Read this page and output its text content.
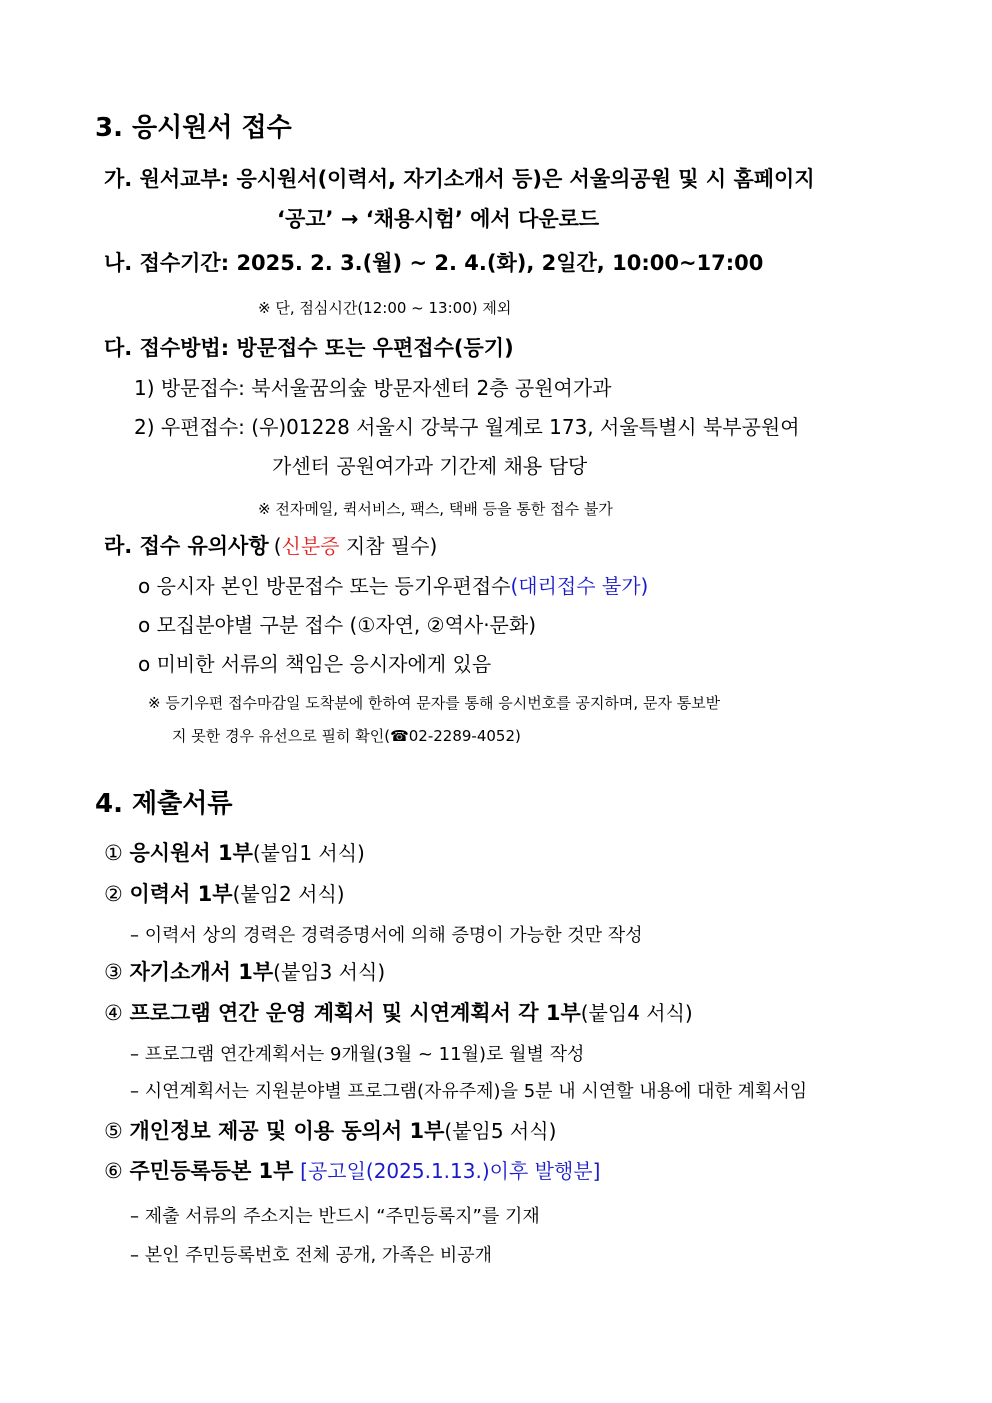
3. 응시원서 접수
가. 원서교부: 응시원서(이력서, 자기소개서 등)은 서울의공원 및 시 홈페이지
‘공고’ → ‘채용시험’ 에서 다운로드
나. 접수기간: 2025. 2. 3.(월) ~ 2. 4.(화), 2일간, 10:00~17:00
※ 단, 점심시간(12:00 ~ 13:00) 제외
다. 접수방법: 방문접수 또는 우편접수(등기)
1) 방문접수: 북서울꿈의숲 방문자센터 2층 공원여가과
2) 우편접수: (우)01228 서울시 강북구 월계로 173, 서울특별시 북부공원여
가센터 공원여가과 기간제 채용 담당
※ 전자메일, 퀵서비스, 팩스, 택배 등을 통한 접수 불가
라. 접수 유의사항 (신분증 지참 필수)
o 응시자 본인 방문접수 또는 등기우편접수(대리접수 불가)
o 모집분야별 구분 접수 (①자연, ②역사·문화)
o 미비한 서류의 책임은 응시자에게 있음
※ 등기우편 접수마감일 도착분에 한하여 문자를 통해 응시번호를 공지하며, 문자 통보받
지 못한 경우 유선으로 필히 확인(☎02-2289-4052)
4. 제출서류
① 응시원서 1부(붙임1 서식)
② 이력서 1부(붙임2 서식)
– 이력서 상의 경력은 경력증명서에 의해 증명이 가능한 것만 작성
③ 자기소개서 1부(붙임3 서식)
④ 프로그램 연간 운영 계획서 및 시연계획서 각 1부(붙임4 서식)
– 프로그램 연간계획서는 9개월(3월 ~ 11월)로 월별 작성
– 시연계획서는 지원분야별 프로그램(자유주제)을 5분 내 시연할 내용에 대한 계획서임
⑤ 개인정보 제공 및 이용 동의서 1부(붙임5 서식)
⑥ 주민등록등본 1부 [공고일(2025.1.13.)이후 발행분]
– 제출 서류의 주소지는 반드시 “주민등록지”를 기재
– 본인 주민등록번호 전체 공개, 가족은 비공개
